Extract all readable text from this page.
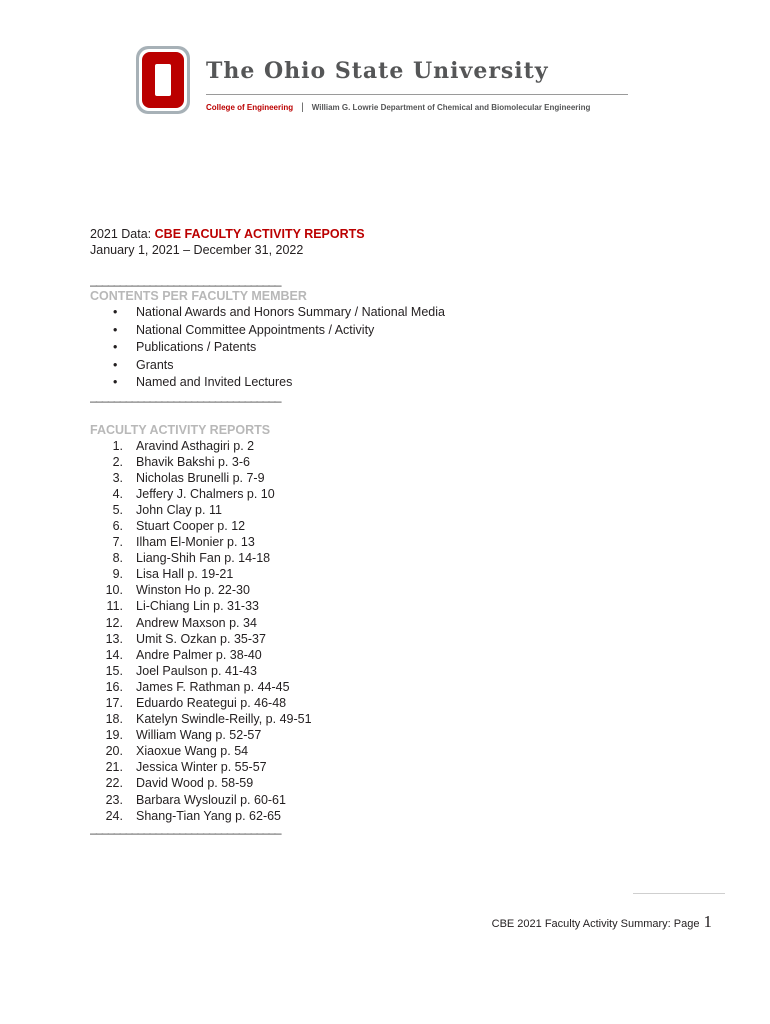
The Ohio State University
College of Engineering | William G. Lowrie Department of Chemical and Biomolecular Engineering
2021 Data: CBE FACULTY ACTIVITY REPORTS
January 1, 2021 – December 31, 2022
________________________________
CONTENTS PER FACULTY MEMBER
• National Awards and Honors Summary / National Media
• National Committee Appointments / Activity
• Publications / Patents
• Grants
• Named and Invited Lectures
________________________________
FACULTY ACTIVITY REPORTS
1. Aravind Asthagiri p. 2
2. Bhavik Bakshi p. 3-6
3. Nicholas Brunelli p. 7-9
4. Jeffery J. Chalmers p. 10
5. John Clay p. 11
6. Stuart Cooper p. 12
7. Ilham El-Monier p. 13
8. Liang-Shih Fan p. 14-18
9. Lisa Hall p. 19-21
10. Winston Ho p. 22-30
11. Li-Chiang Lin p. 31-33
12. Andrew Maxson p. 34
13. Umit S. Ozkan p. 35-37
14. Andre Palmer p. 38-40
15. Joel Paulson p. 41-43
16. James F. Rathman p. 44-45
17. Eduardo Reategui p. 46-48
18. Katelyn Swindle-Reilly, p. 49-51
19. William Wang p. 52-57
20. Xiaoxue Wang p. 54
21. Jessica Winter p. 55-57
22. David Wood p. 58-59
23. Barbara Wyslouzil p. 60-61
24. Shang-Tian Yang p. 62-65
________________________________
CBE 2021 Faculty Activity Summary: Page 1
